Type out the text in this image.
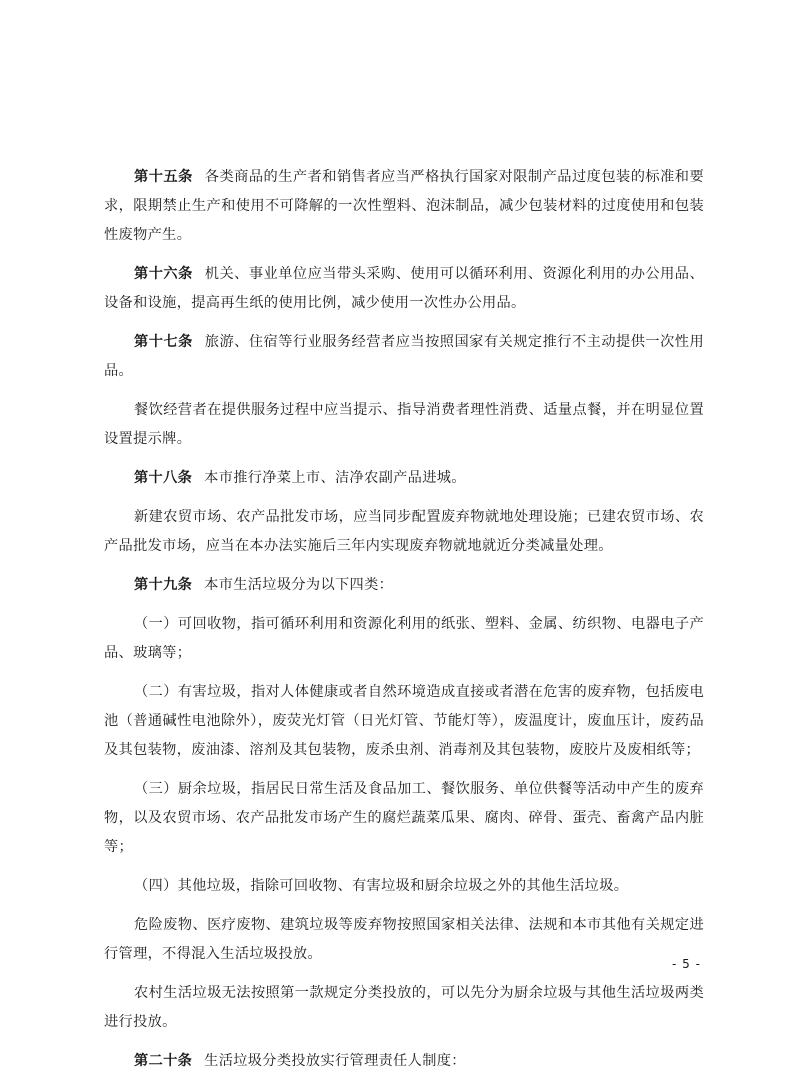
第十五条 各类商品的生产者和销售者应当严格执行国家对限制产品过度包装的标准和要求，限期禁止生产和使用不可降解的一次性塑料、泡沫制品，减少包装材料的过度使用和包装性废物产生。

第十六条 机关、事业单位应当带头采购、使用可以循环利用、资源化利用的办公用品、设备和设施，提高再生纸的使用比例，减少使用一次性办公用品。

第十七条 旅游、住宿等行业服务经营者应当按照国家有关规定推行不主动提供一次性用品。

餐饮经营者在提供服务过程中应当提示、指导消费者理性消费、适量点餐，并在明显位置设置提示牌。

第十八条 本市推行净菜上市、洁净农副产品进城。

新建农贸市场、农产品批发市场，应当同步配置废弃物就地处理设施；已建农贸市场、农产品批发市场，应当在本办法实施后三年内实现废弃物就地就近分类减量处理。

第十九条 本市生活垃圾分为以下四类：

（一）可回收物，指可循环利用和资源化利用的纸张、塑料、金属、纺织物、电器电子产品、玻璃等；

（二）有害垃圾，指对人体健康或者自然环境造成直接或者潜在危害的废弃物，包括废电池（普通碱性电池除外），废荧光灯管（日光灯管、节能灯等），废温度计，废血压计，废药品及其包装物，废油漆、溶剂及其包装物，废杀虫剂、消毒剂及其包装物，废胶片及废相纸等；

（三）厨余垃圾，指居民日常生活及食品加工、餐饮服务、单位供餐等活动中产生的废弃物，以及农贸市场、农产品批发市场产生的腐烂蔬菜瓜果、腐肉、碎骨、蛋壳、畜禽产品内脏等；

（四）其他垃圾，指除可回收物、有害垃圾和厨余垃圾之外的其他生活垃圾。

危险废物、医疗废物、建筑垃圾等废弃物按照国家相关法律、法规和本市其他有关规定进行管理，不得混入生活垃圾投放。

农村生活垃圾无法按照第一款规定分类投放的，可以先分为厨余垃圾与其他生活垃圾两类进行投放。

第二十条 生活垃圾分类投放实行管理责任人制度：

- 5 -
